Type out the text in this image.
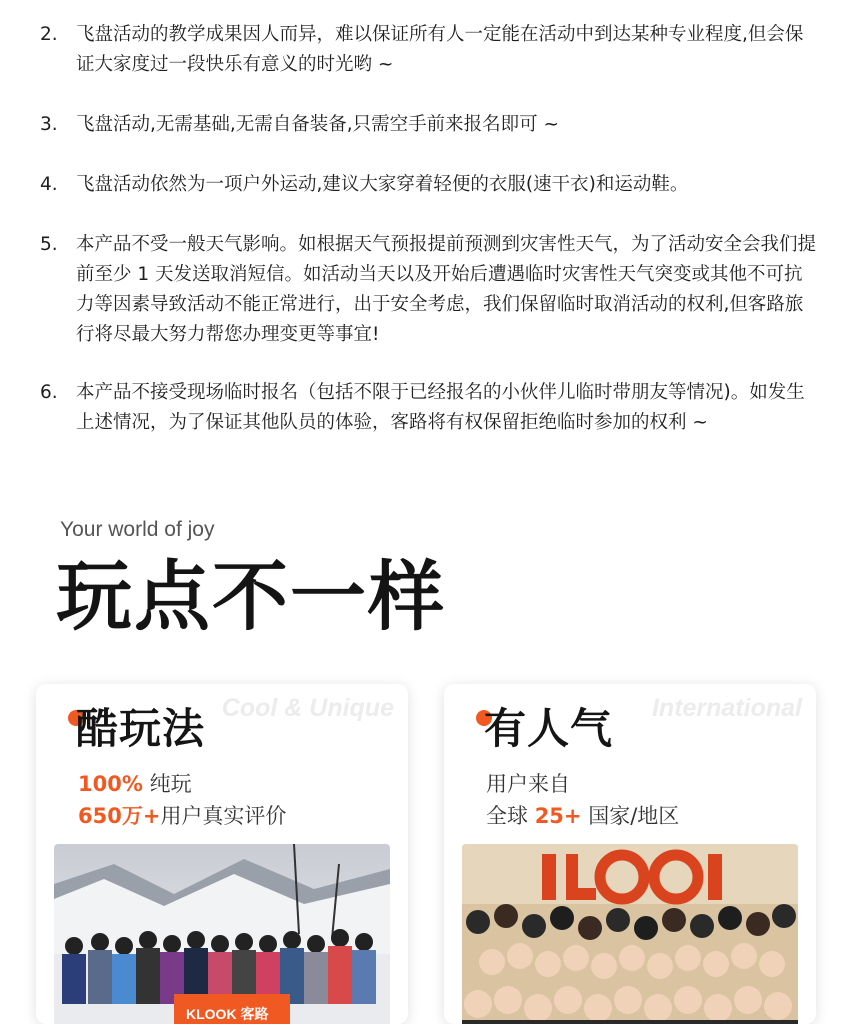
2. 飞盘活动的教学成果因人而异，难以保证所有人一定能在活动中到达某种专业程度,但会保证大家度过一段快乐有意义的时光哟 ~
3. 飞盘活动,无需基础,无需自备装备,只需空手前来报名即可 ~
4. 飞盘活动依然为一项户外运动,建议大家穿着轻便的衣服(速干衣)和运动鞋。
5. 本产品不受一般天气影响。如根据天气预报提前预测到灾害性天气，为了活动安全会我们提前至少 1 天发送取消短信。如活动当天以及开始后遭遇临时灾害性天气突变或其他不可抗力等因素导致活动不能正常进行，出于安全考虑，我们保留临时取消活动的权利,但客路旅行将尽最大努力帮您办理变更等事宜!
6. 本产品不接受现场临时报名（包括不限于已经报名的小伙伴儿临时带朋友等情况)。如发生上述情况，为了保证其他队员的体验，客路将有权保留拒绝临时参加的权利 ~
Your world of joy
玩点不一样
Cool & Unique
酷玩法
100% 纯玩
650万+用户真实评价
KLOOK 客路
International
有人气
用户来自
全球 25+ 国家/地区
